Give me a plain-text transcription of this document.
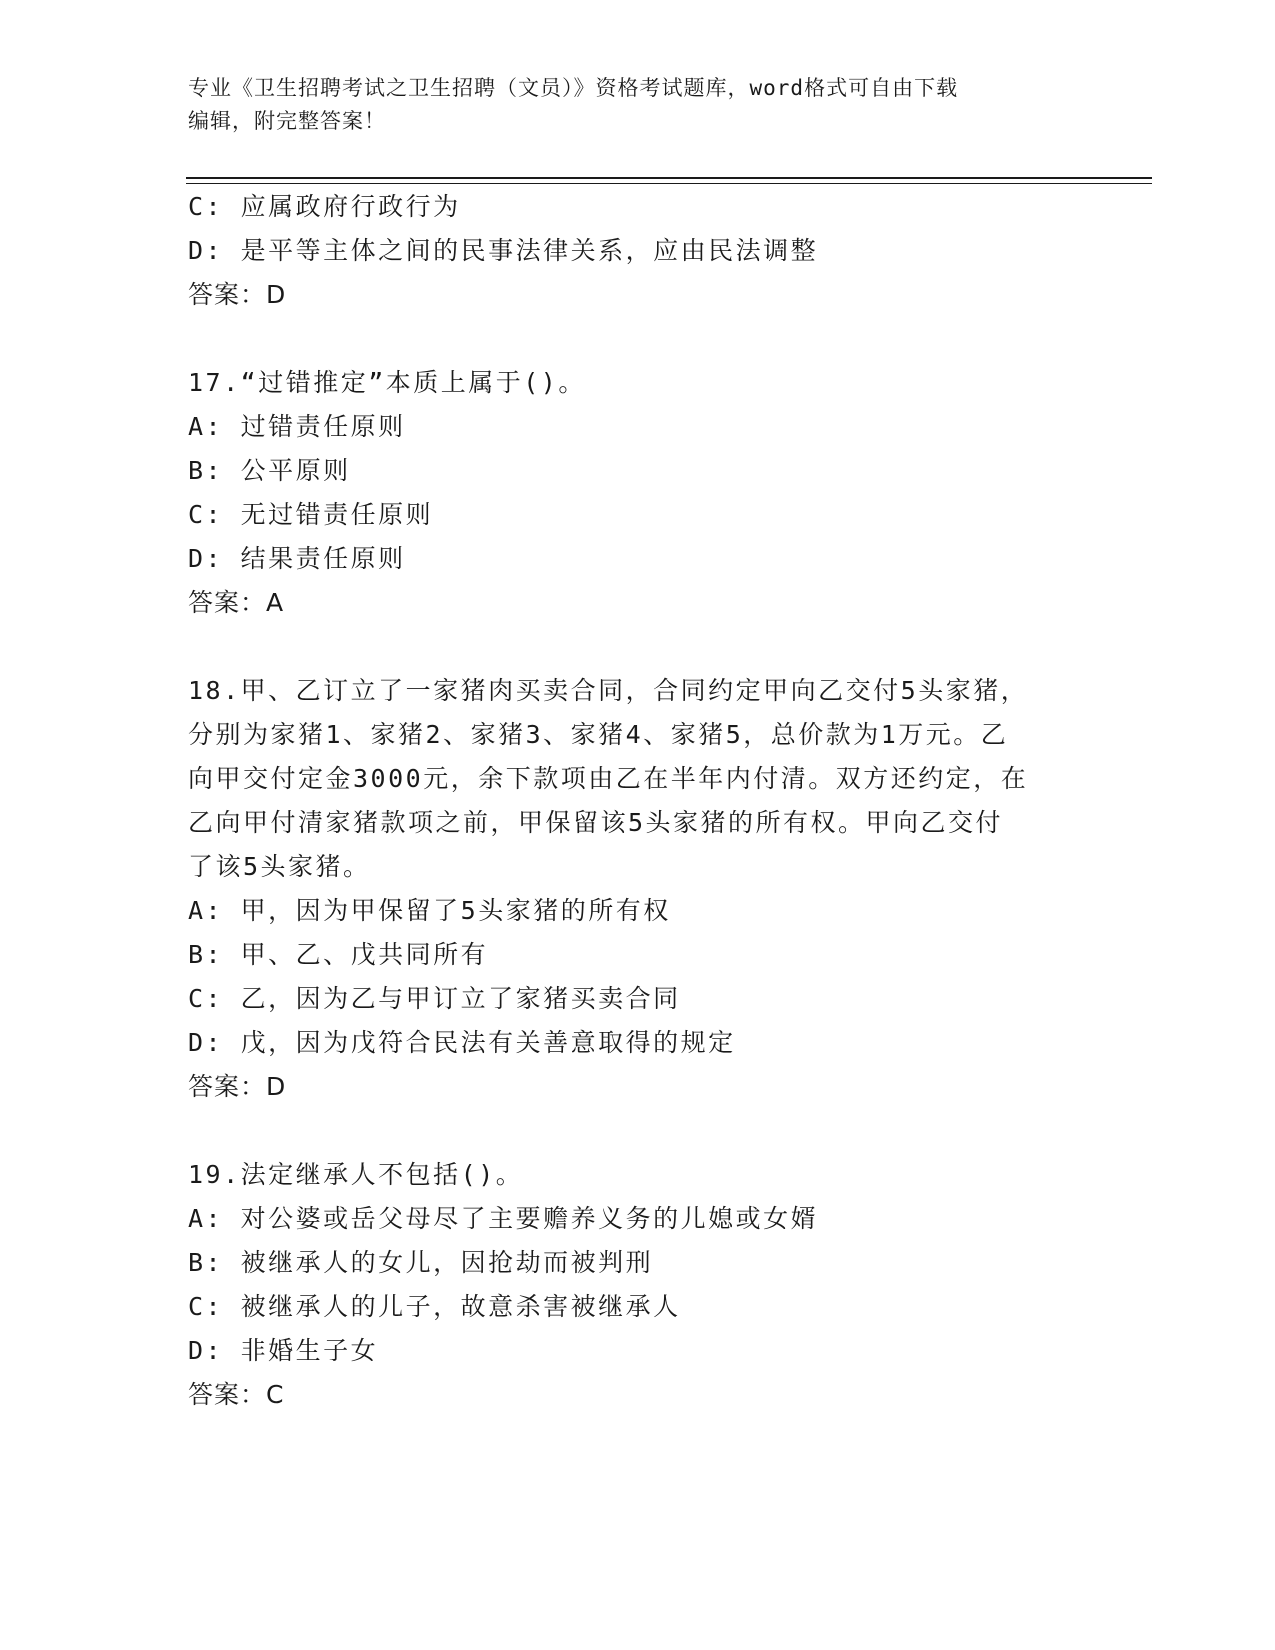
专业《卫生招聘考试之卫生招聘（文员）》资格考试题库，word格式可自由下载
编辑，附完整答案！
C: 应属政府行政行为
D: 是平等主体之间的民事法律关系，应由民法调整
答案：D
17.“过错推定”本质上属于()。
A: 过错责任原则
B: 公平原则
C: 无过错责任原则
D: 结果责任原则
答案：A
18.甲、乙订立了一家猪肉买卖合同，合同约定甲向乙交付5头家猪，
分别为家猪1、家猪2、家猪3、家猪4、家猪5，总价款为1万元。乙
向甲交付定金3000元，余下款项由乙在半年内付清。双方还约定，在
乙向甲付清家猪款项之前，甲保留该5头家猪的所有权。甲向乙交付
了该5头家猪。
A: 甲，因为甲保留了5头家猪的所有权
B: 甲、乙、戊共同所有
C: 乙，因为乙与甲订立了家猪买卖合同
D: 戊，因为戊符合民法有关善意取得的规定
答案：D
19.法定继承人不包括()。
A: 对公婆或岳父母尽了主要赡养义务的儿媳或女婿
B: 被继承人的女儿，因抢劫而被判刑
C: 被继承人的儿子，故意杀害被继承人
D: 非婚生子女
答案：C
